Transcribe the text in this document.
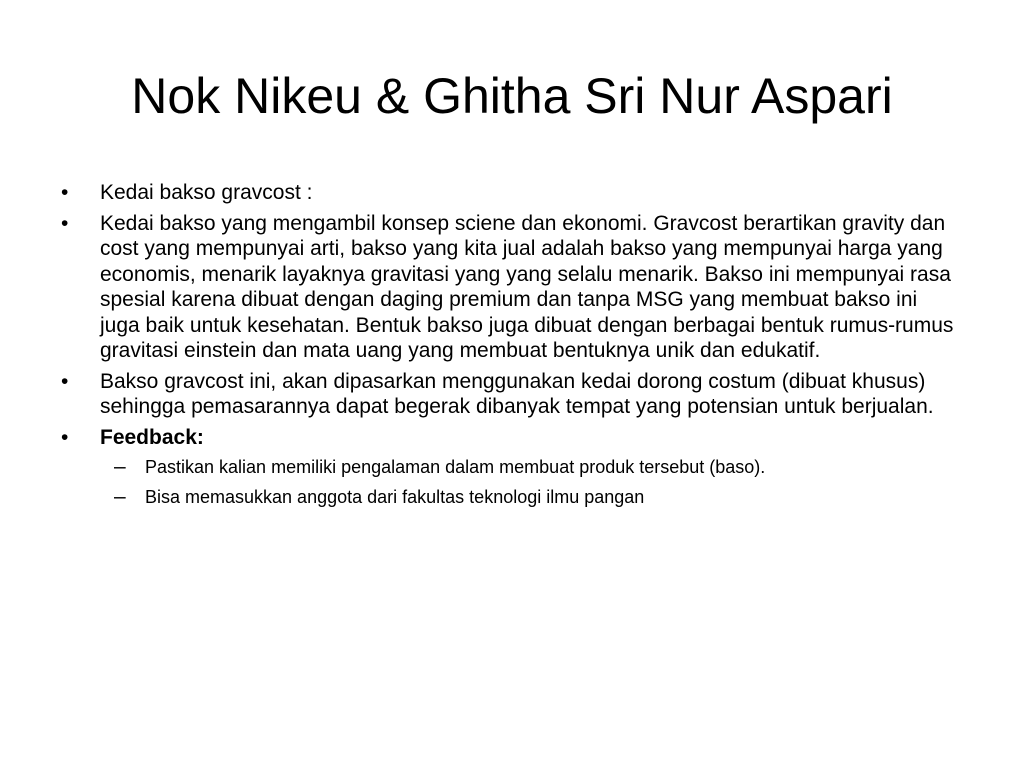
Nok Nikeu & Ghitha Sri Nur Aspari
•	Kedai bakso gravcost :
•	Kedai bakso yang mengambil konsep sciene dan ekonomi. Gravcost berartikan gravity dan cost yang mempunyai arti, bakso yang kita jual adalah bakso yang mempunyai harga yang economis, menarik layaknya gravitasi yang yang selalu menarik. Bakso ini mempunyai rasa spesial karena dibuat dengan daging premium dan tanpa MSG yang membuat bakso ini juga baik untuk kesehatan. Bentuk bakso juga dibuat dengan berbagai bentuk rumus-rumus gravitasi einstein dan mata uang yang membuat bentuknya unik dan edukatif.
•	Bakso gravcost ini, akan dipasarkan menggunakan kedai dorong costum (dibuat khusus) sehingga pemasarannya dapat begerak dibanyak tempat yang potensian untuk berjualan.
•	Feedback:
–	Pastikan kalian memiliki pengalaman dalam membuat produk tersebut (baso).
–	Bisa memasukkan anggota dari fakultas teknologi ilmu pangan
